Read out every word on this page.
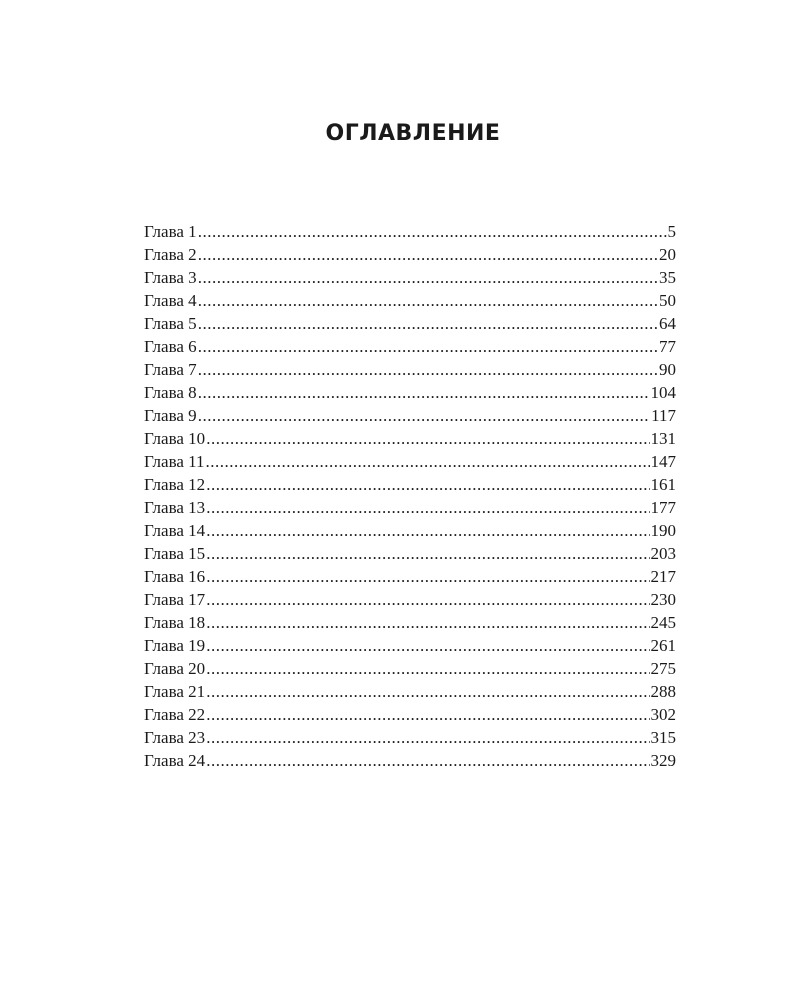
ОГЛАВЛЕНИЕ
Глава 1 .....	5
Глава 2 .....	20
Глава 3 .....	35
Глава 4 .....	50
Глава 5 .....	64
Глава 6 .....	77
Глава 7 .....	90
Глава 8 .....	104
Глава 9 .....	117
Глава 10 .....	131
Глава 11 .....	147
Глава 12 .....	161
Глава 13 .....	177
Глава 14 .....	190
Глава 15 .....	203
Глава 16 .....	217
Глава 17 .....	230
Глава 18 .....	245
Глава 19 .....	261
Глава 20 .....	275
Глава 21 .....	288
Глава 22 .....	302
Глава 23 .....	315
Глава 24 .....	329
